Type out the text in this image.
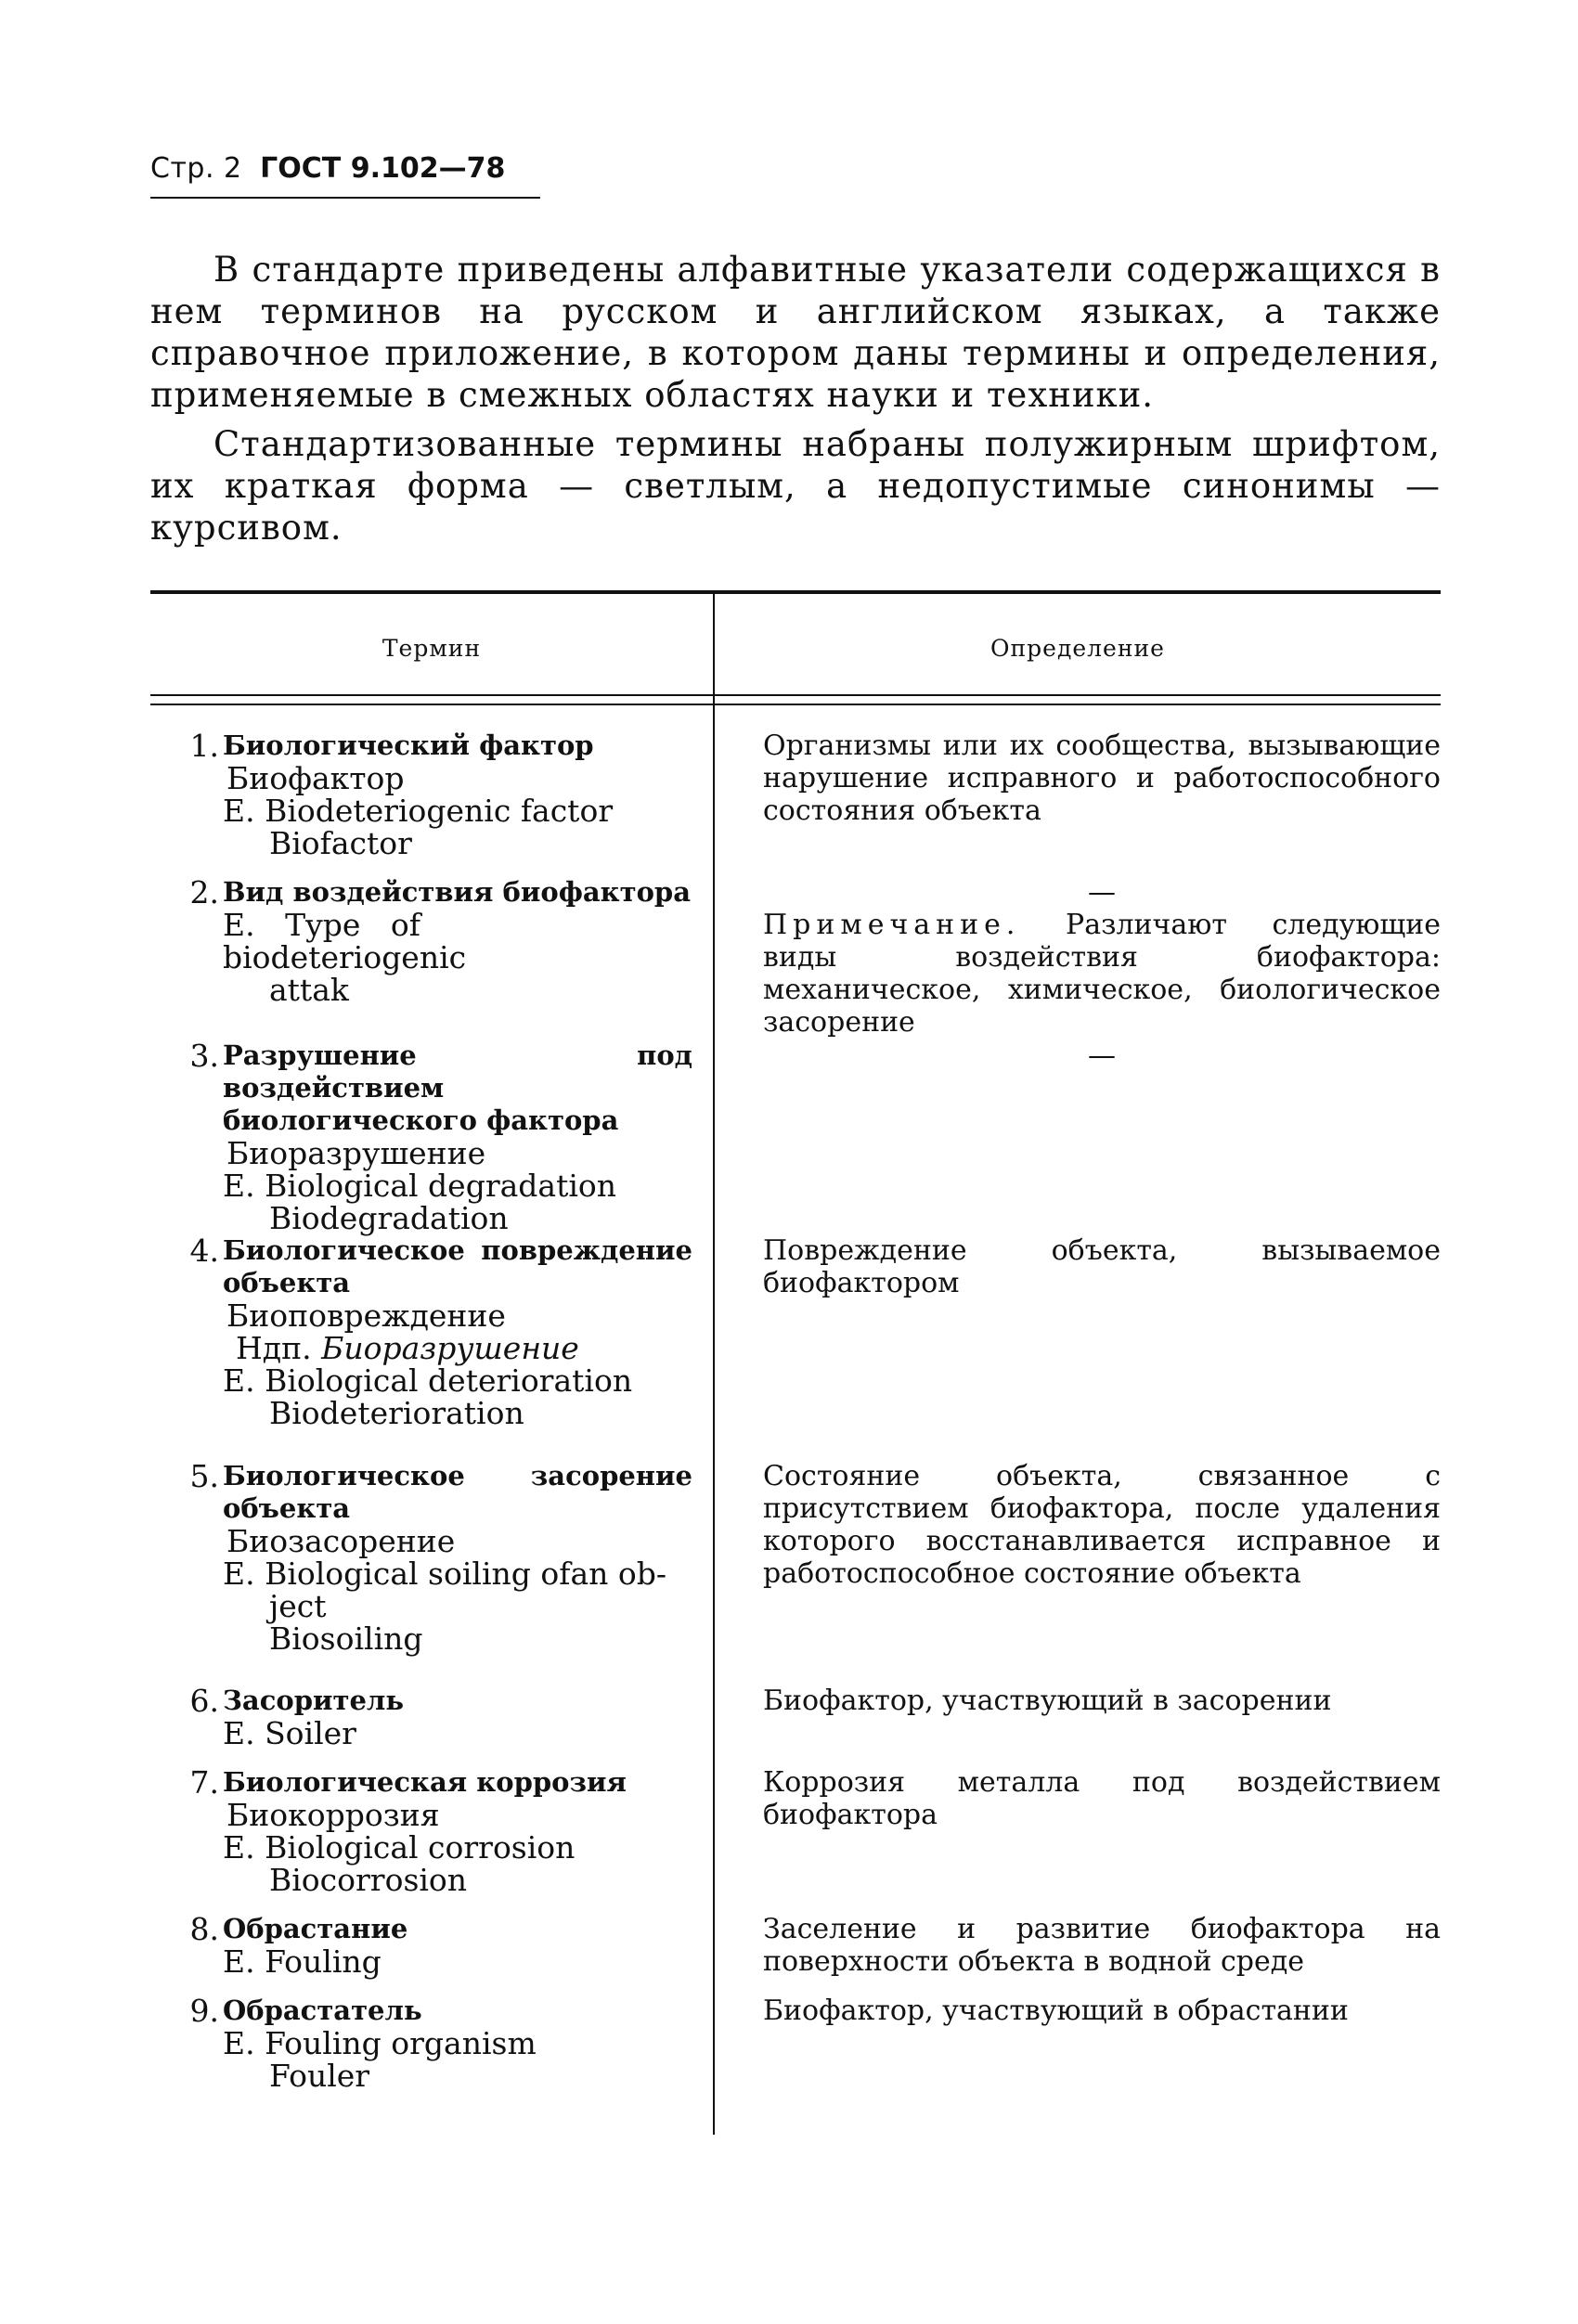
Стр. 2 ГОСТ 9.102—78

В стандарте приведены алфавитные указатели содержащихся в нем терминов на русском и английском языках, а также справочное приложение, в котором даны термины и определения, применяемые в смежных областях науки и техники.

Стандартизованные термины набраны полужирным шрифтом, их краткая форма — светлым, а недопустимые синонимы — курсивом.

Термин	Определение
1. Биологический фактор
Биофактор
Е. Biodeteriogenic factor
Biofactor
Организмы или их сообщества, вызывающие нарушение исправного и работоспособного состояния объекта
2. Вид воздействия биофактора
Е. Type of biodeteriogenic
attak
—

Примечание. Различают следующие виды воздействия биофактора: механическое, химическое, биологическое засорение

3. Разрушение под воздействием
биологического фактора
Биоразрушение
Е. Biological degradation
Biodegradation
—
4. Биологическое повреждение
объекта
Биоповреждение
Ндп. Биоразрушение
Е. Biological deterioration
Biodeterioration
Повреждение объекта, вызываемое биофактором
5. Биологическое засорение
объекта
Биозасорение
Е. Biological soiling ofan ob-
ject
Biosoiling
Состояние объекта, связанное с присутствием биофактора, после удаления которого восстанавливается исправное и работоспособное состояние объекта
6. Засоритель
Е. Soiler
Биофактор, участвующий в засорении
7. Биологическая коррозия
Биокоррозия
Е. Biological corrosion
Biocorrosion
Коррозия металла под воздействием биофактора
8. Обрастание
Е. Fouling
Заселение и развитие биофактора на поверхности объекта в водной среде
9. Обрастатель
Е. Fouling organism
Fouler
Биофактор, участвующий в обрастании
